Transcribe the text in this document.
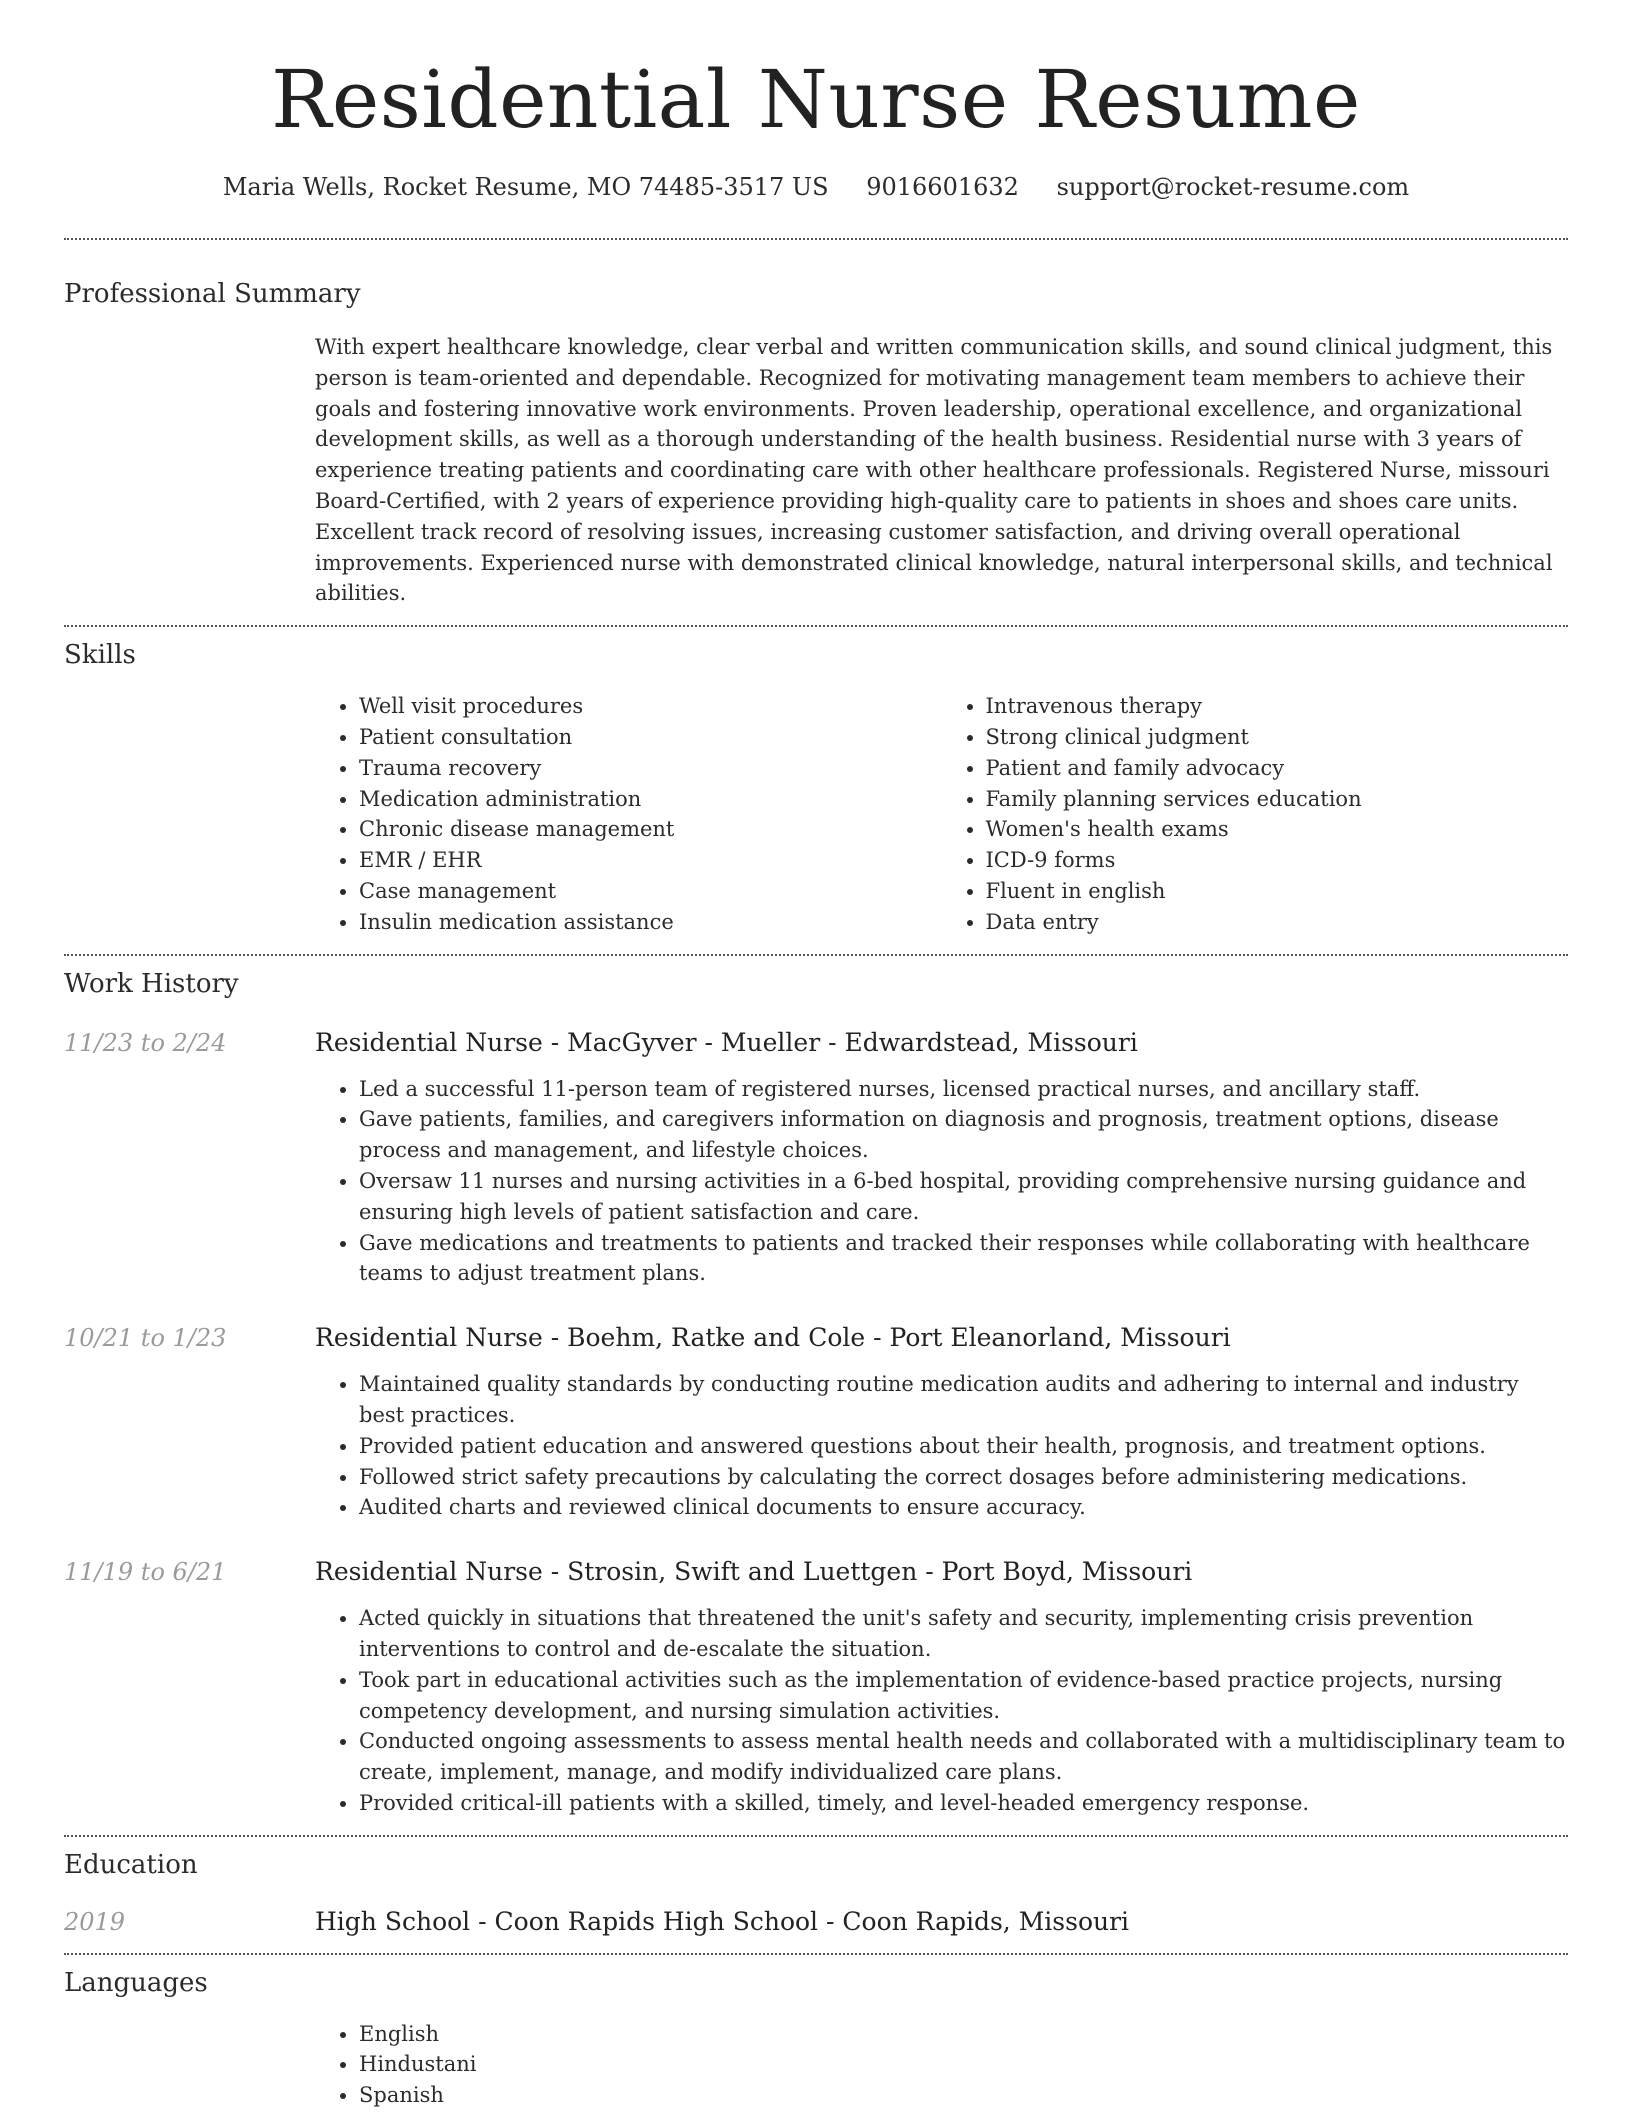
Residential Nurse Resume
Maria Wells, Rocket Resume, MO 74485-3517 US 9016601632 support@rocket-resume.com
Professional Summary

With expert healthcare knowledge, clear verbal and written communication skills, and sound clinical judgment, this person is team-oriented and dependable. Recognized for motivating management team members to achieve their goals and fostering innovative work environments. Proven leadership, operational excellence, and organizational development skills, as well as a thorough understanding of the health business. Residential nurse with 3 years of experience treating patients and coordinating care with other healthcare professionals. Registered Nurse, missouri Board-Certified, with 2 years of experience providing high-quality care to patients in shoes and shoes care units. Excellent track record of resolving issues, increasing customer satisfaction, and driving overall operational improvements. Experienced nurse with demonstrated clinical knowledge, natural interpersonal skills, and technical abilities.

Skills
• Well visit procedures
• Patient consultation
• Trauma recovery
• Medication administration
• Chronic disease management
• EMR / EHR
• Case management
• Insulin medication assistance
• Intravenous therapy
• Strong clinical judgment
• Patient and family advocacy
• Family planning services education
• Women's health exams
• ICD-9 forms
• Fluent in english
• Data entry
Work History
11/23 to 2/24	Residential Nurse - MacGyver - Mueller - Edwardstead, Missouri
• Led a successful 11-person team of registered nurses, licensed practical nurses, and ancillary staff.
• Gave patients, families, and caregivers information on diagnosis and prognosis, treatment options, disease process and management, and lifestyle choices.
• Oversaw 11 nurses and nursing activities in a 6-bed hospital, providing comprehensive nursing guidance and ensuring high levels of patient satisfaction and care.
• Gave medications and treatments to patients and tracked their responses while collaborating with healthcare teams to adjust treatment plans.
10/21 to 1/23	Residential Nurse - Boehm, Ratke and Cole - Port Eleanorland, Missouri
• Maintained quality standards by conducting routine medication audits and adhering to internal and industry best practices.
• Provided patient education and answered questions about their health, prognosis, and treatment options.
• Followed strict safety precautions by calculating the correct dosages before administering medications.
• Audited charts and reviewed clinical documents to ensure accuracy.
11/19 to 6/21	Residential Nurse - Strosin, Swift and Luettgen - Port Boyd, Missouri
• Acted quickly in situations that threatened the unit's safety and security, implementing crisis prevention interventions to control and de-escalate the situation.
• Took part in educational activities such as the implementation of evidence-based practice projects, nursing competency development, and nursing simulation activities.
• Conducted ongoing assessments to assess mental health needs and collaborated with a multidisciplinary team to create, implement, manage, and modify individualized care plans.
• Provided critical-ill patients with a skilled, timely, and level-headed emergency response.
Education
2019	High School - Coon Rapids High School - Coon Rapids, Missouri
Languages
• English
• Hindustani
• Spanish
